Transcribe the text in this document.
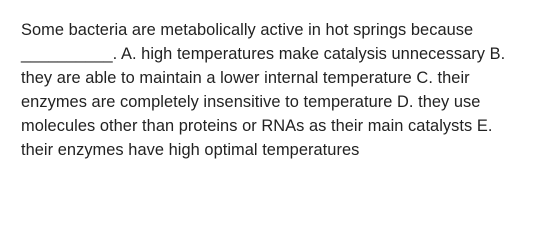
Some bacteria are metabolically active in hot springs because
__________. A. high temperatures make catalysis unnecessary B.
they are able to maintain a lower internal temperature C. their
enzymes are completely insensitive to temperature D. they use
molecules other than proteins or RNAs as their main catalysts E.
their enzymes have high optimal temperatures
